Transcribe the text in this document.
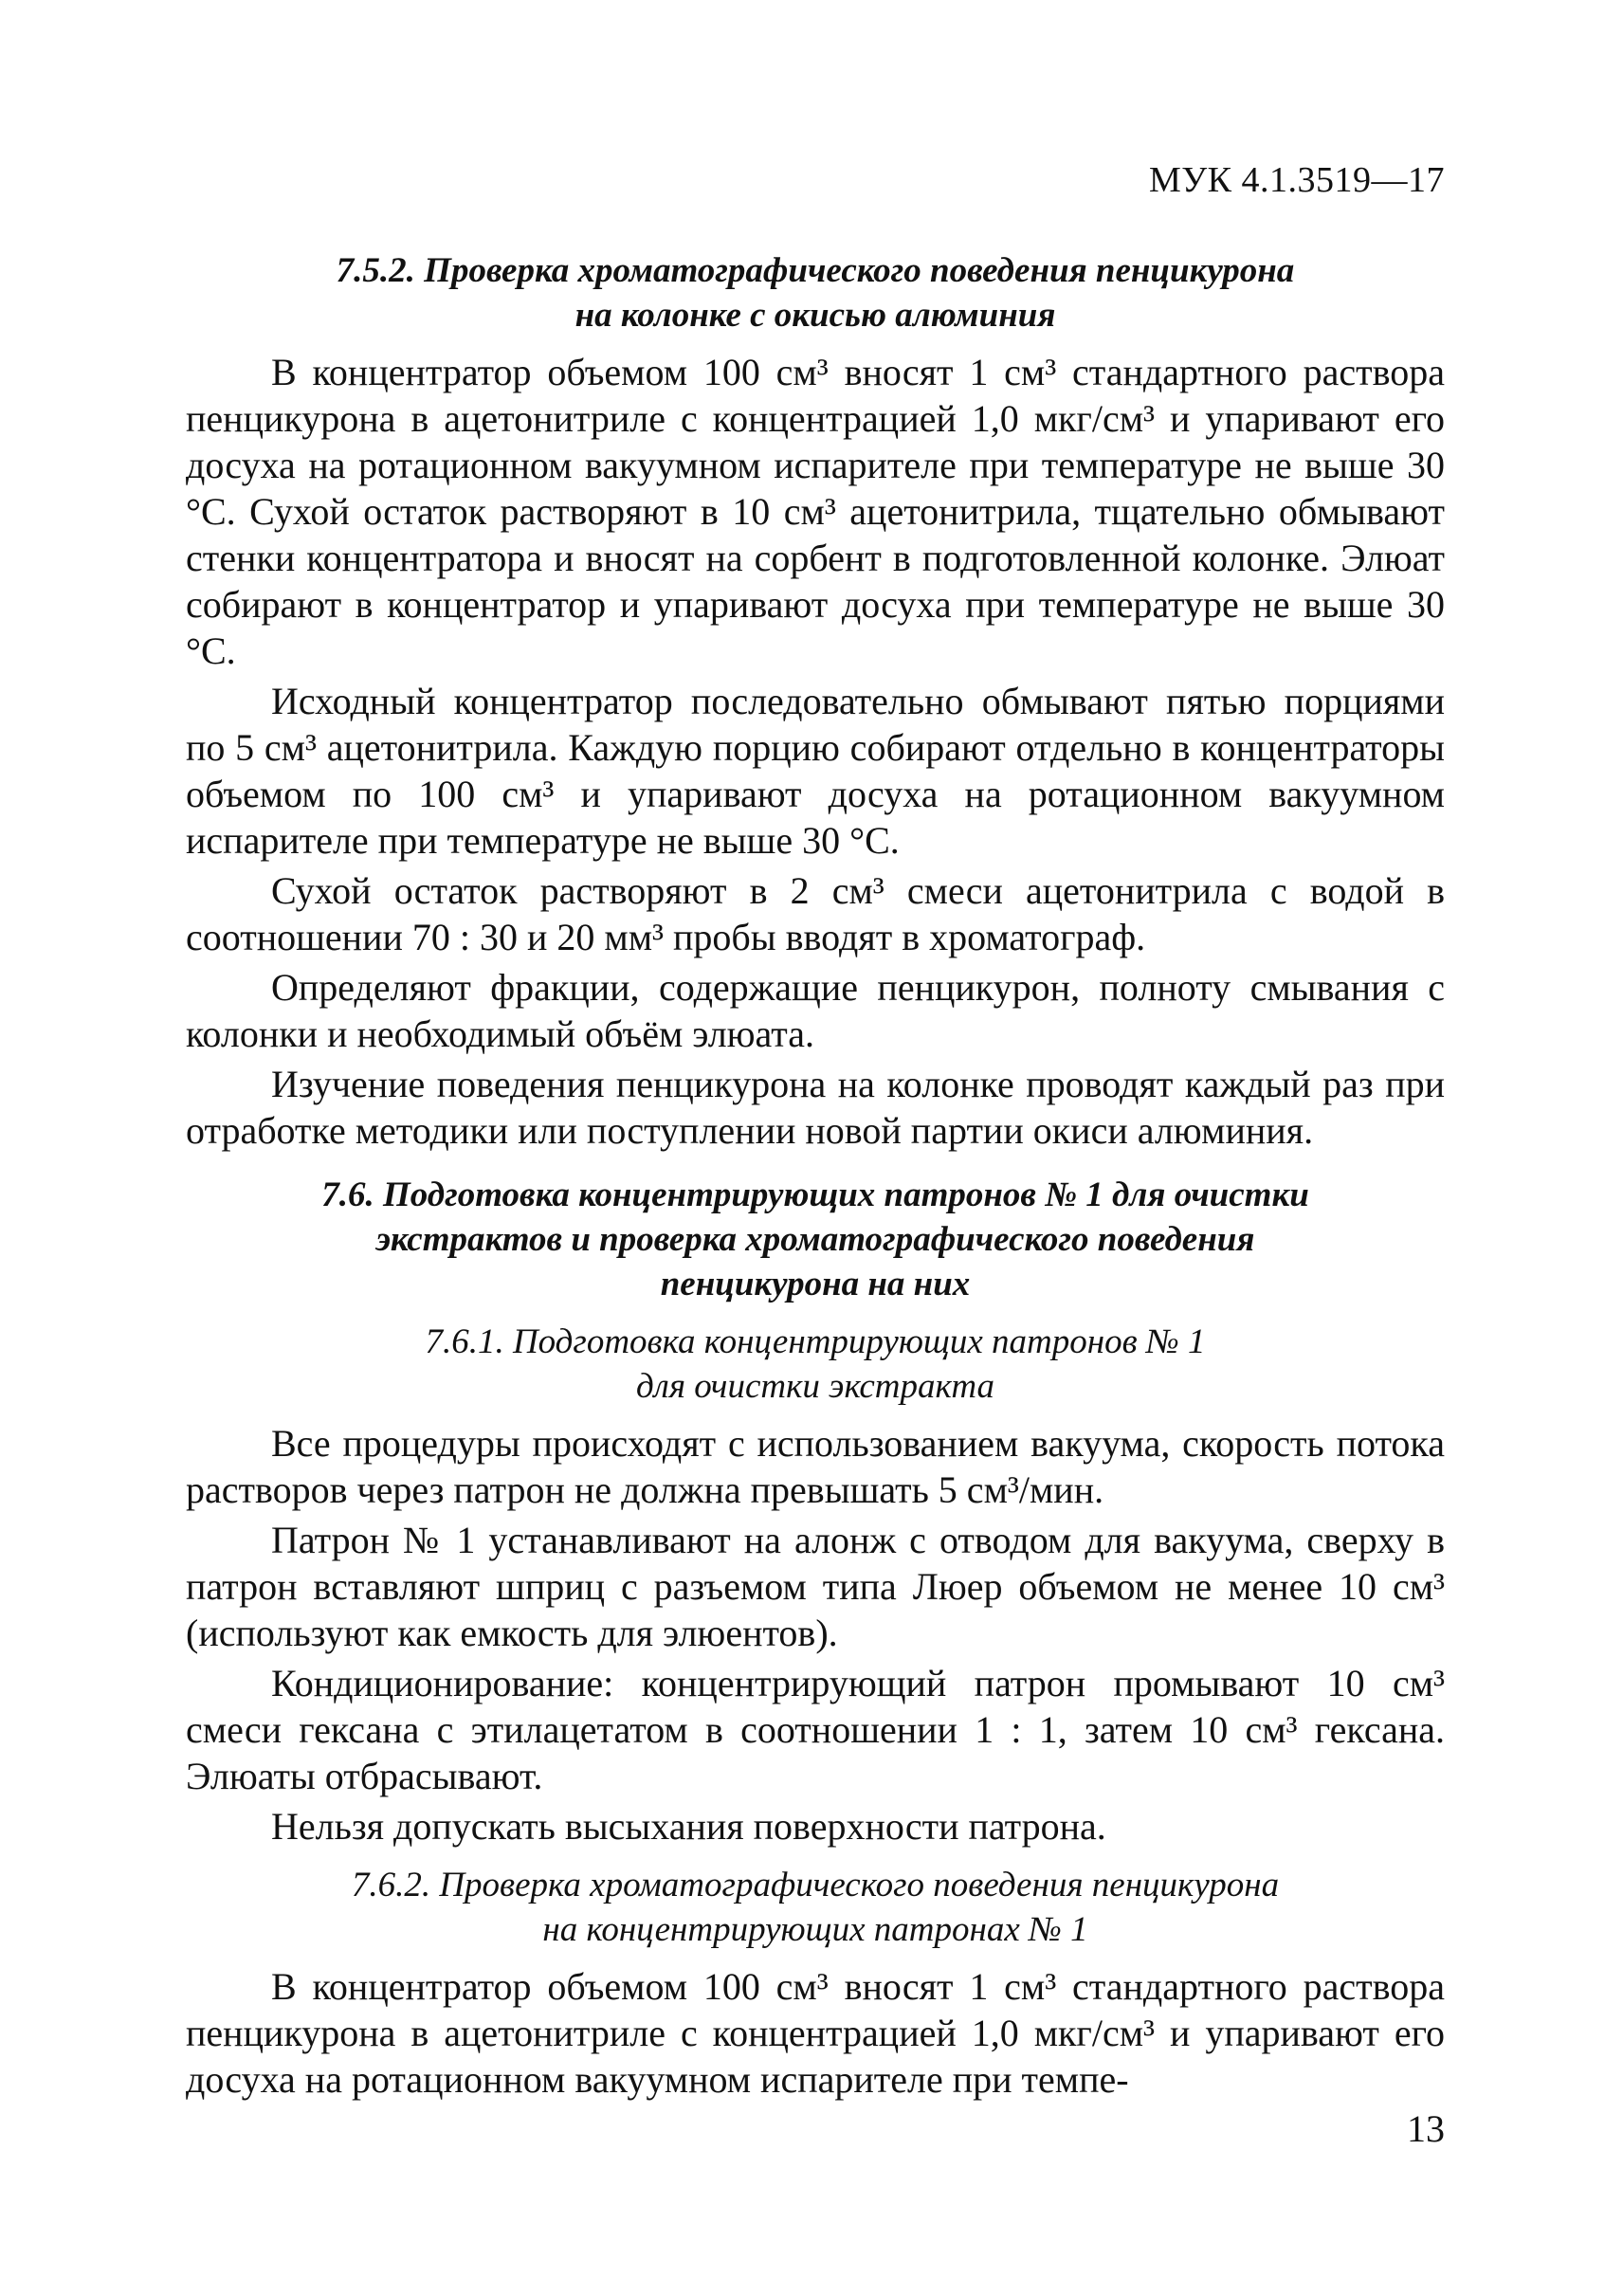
МУК 4.1.3519—17

7.5.2. Проверка хроматографического поведения пенцикурона
на колонке с окисью алюминия

В концентратор объемом 100 см³ вносят 1 см³ стандартного раствора пенцикурона в ацетонитриле с концентрацией 1,0 мкг/см³ и упаривают его досуха на ротационном вакуумном испарителе при температуре не выше 30 °С. Сухой остаток растворяют в 10 см³ ацетонитрила, тщательно обмывают стенки концентратора и вносят на сорбент в подготовленной колонке. Элюат собирают в концентратор и упаривают досуха при температуре не выше 30 °С.

Исходный концентратор последовательно обмывают пятью порциями по 5 см³ ацетонитрила. Каждую порцию собирают отдельно в концентраторы объемом по 100 см³ и упаривают досуха на ротационном вакуумном испарителе при температуре не выше 30 °С.

Сухой остаток растворяют в 2 см³ смеси ацетонитрила с водой в соотношении 70 : 30 и 20 мм³ пробы вводят в хроматограф.

Определяют фракции, содержащие пенцикурон, полноту смывания с колонки и необходимый объём элюата.

Изучение поведения пенцикурона на колонке проводят каждый раз при отработке методики или поступлении новой партии окиси алюминия.

7.6. Подготовка концентрирующих патронов № 1 для очистки
экстрактов и проверка хроматографического поведения
пенцикурона на них
7.6.1. Подготовка концентрирующих патронов № 1
для очистки экстракта

Все процедуры происходят с использованием вакуума, скорость потока растворов через патрон не должна превышать 5 см³/мин.

Патрон № 1 устанавливают на алонж с отводом для вакуума, сверху в патрон вставляют шприц с разъемом типа Люер объемом не менее 10 см³ (используют как емкость для элюентов).

Кондиционирование: концентрирующий патрон промывают 10 см³ смеси гексана с этилацетатом в соотношении 1 : 1, затем 10 см³ гексана. Элюаты отбрасывают.

Нельзя допускать высыхания поверхности патрона.

7.6.2. Проверка хроматографического поведения пенцикурона
на концентрирующих патронах № 1

В концентратор объемом 100 см³ вносят 1 см³ стандартного раствора пенцикурона в ацетонитриле с концентрацией 1,0 мкг/см³ и упаривают его досуха на ротационном вакуумном испарителе при темпе-

13
